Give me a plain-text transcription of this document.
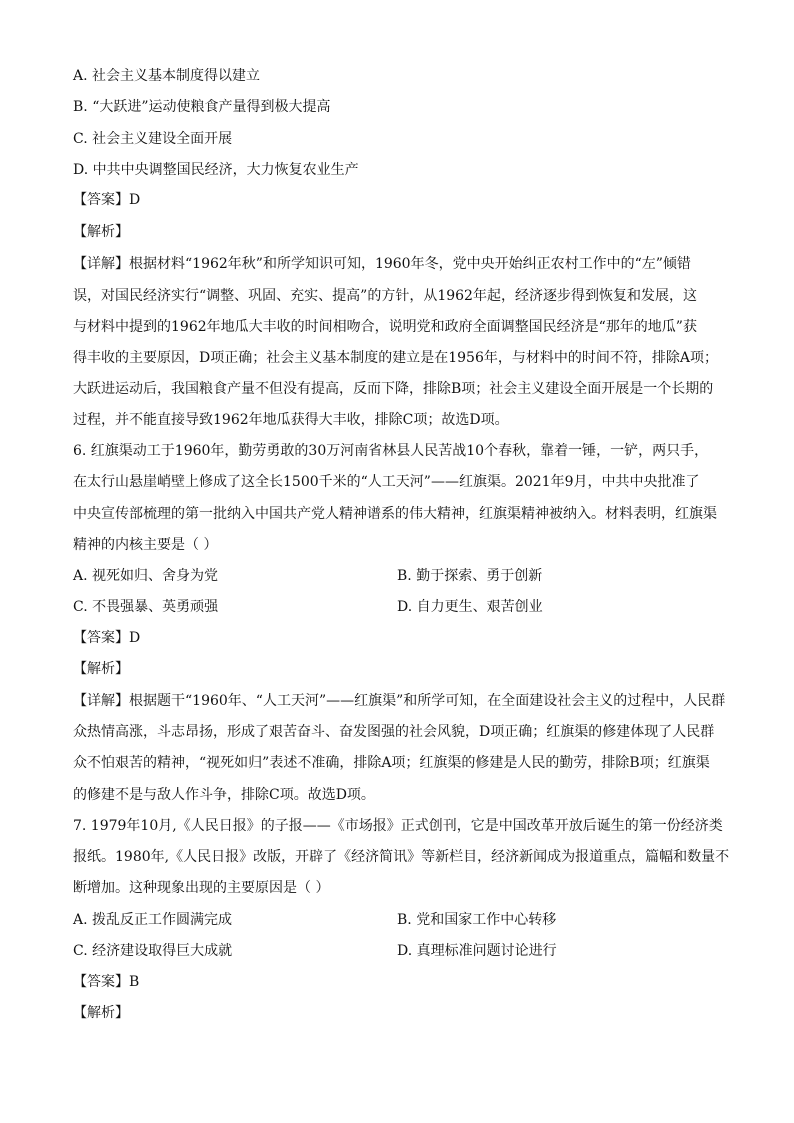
A. 社会主义基本制度得以建立
B. “大跃进”运动使粮食产量得到极大提高
C. 社会主义建设全面开展
D. 中共中央调整国民经济，大力恢复农业生产
【答案】D
【解析】
【详解】根据材料“1962年秋”和所学知识可知，1960年冬，党中央开始纠正农村工作中的“左”倾错
误，对国民经济实行“调整、巩固、充实、提高”的方针，从1962年起，经济逐步得到恢复和发展，这
与材料中提到的1962年地瓜大丰收的时间相吻合，说明党和政府全面调整国民经济是“那年的地瓜”获
得丰收的主要原因，D项正确；社会主义基本制度的建立是在1956年，与材料中的时间不符，排除A项；
大跃进运动后，我国粮食产量不但没有提高，反而下降，排除B项；社会主义建设全面开展是一个长期的
过程，并不能直接导致1962年地瓜获得大丰收，排除C项；故选D项。
6. 红旗渠动工于1960年，勤劳勇敢的30万河南省林县人民苦战10个春秋，靠着一锤，一铲，两只手，
在太行山悬崖峭壁上修成了这全长1500千米的“人工天河”——红旗渠。2021年9月，中共中央批准了
中央宣传部梳理的第一批纳入中国共产党人精神谱系的伟大精神，红旗渠精神被纳入。材料表明，红旗渠
精神的内核主要是（ ）
A. 视死如归、舍身为党	B. 勤于探索、勇于创新
C. 不畏强暴、英勇顽强	D. 自力更生、艰苦创业
【答案】D
【解析】
【详解】根据题干“1960年、“人工天河”——红旗渠”和所学可知，在全面建设社会主义的过程中，人民群
众热情高涨，斗志昂扬，形成了艰苦奋斗、奋发图强的社会风貌，D项正确；红旗渠的修建体现了人民群
众不怕艰苦的精神，“视死如归”表述不准确，排除A项；红旗渠的修建是人民的勤劳，排除B项；红旗渠
的修建不是与敌人作斗争，排除C项。故选D项。
7. 1979年10月,《人民日报》的子报——《市场报》正式创刊，它是中国改革开放后诞生的第一份经济类
报纸。1980年,《人民日报》改版，开辟了《经济简讯》等新栏目，经济新闻成为报道重点，篇幅和数量不
断增加。这种现象出现的主要原因是（ ）
A. 拨乱反正工作圆满完成	B. 党和国家工作中心转移
C. 经济建设取得巨大成就	D. 真理标准问题讨论进行
【答案】B
【解析】
